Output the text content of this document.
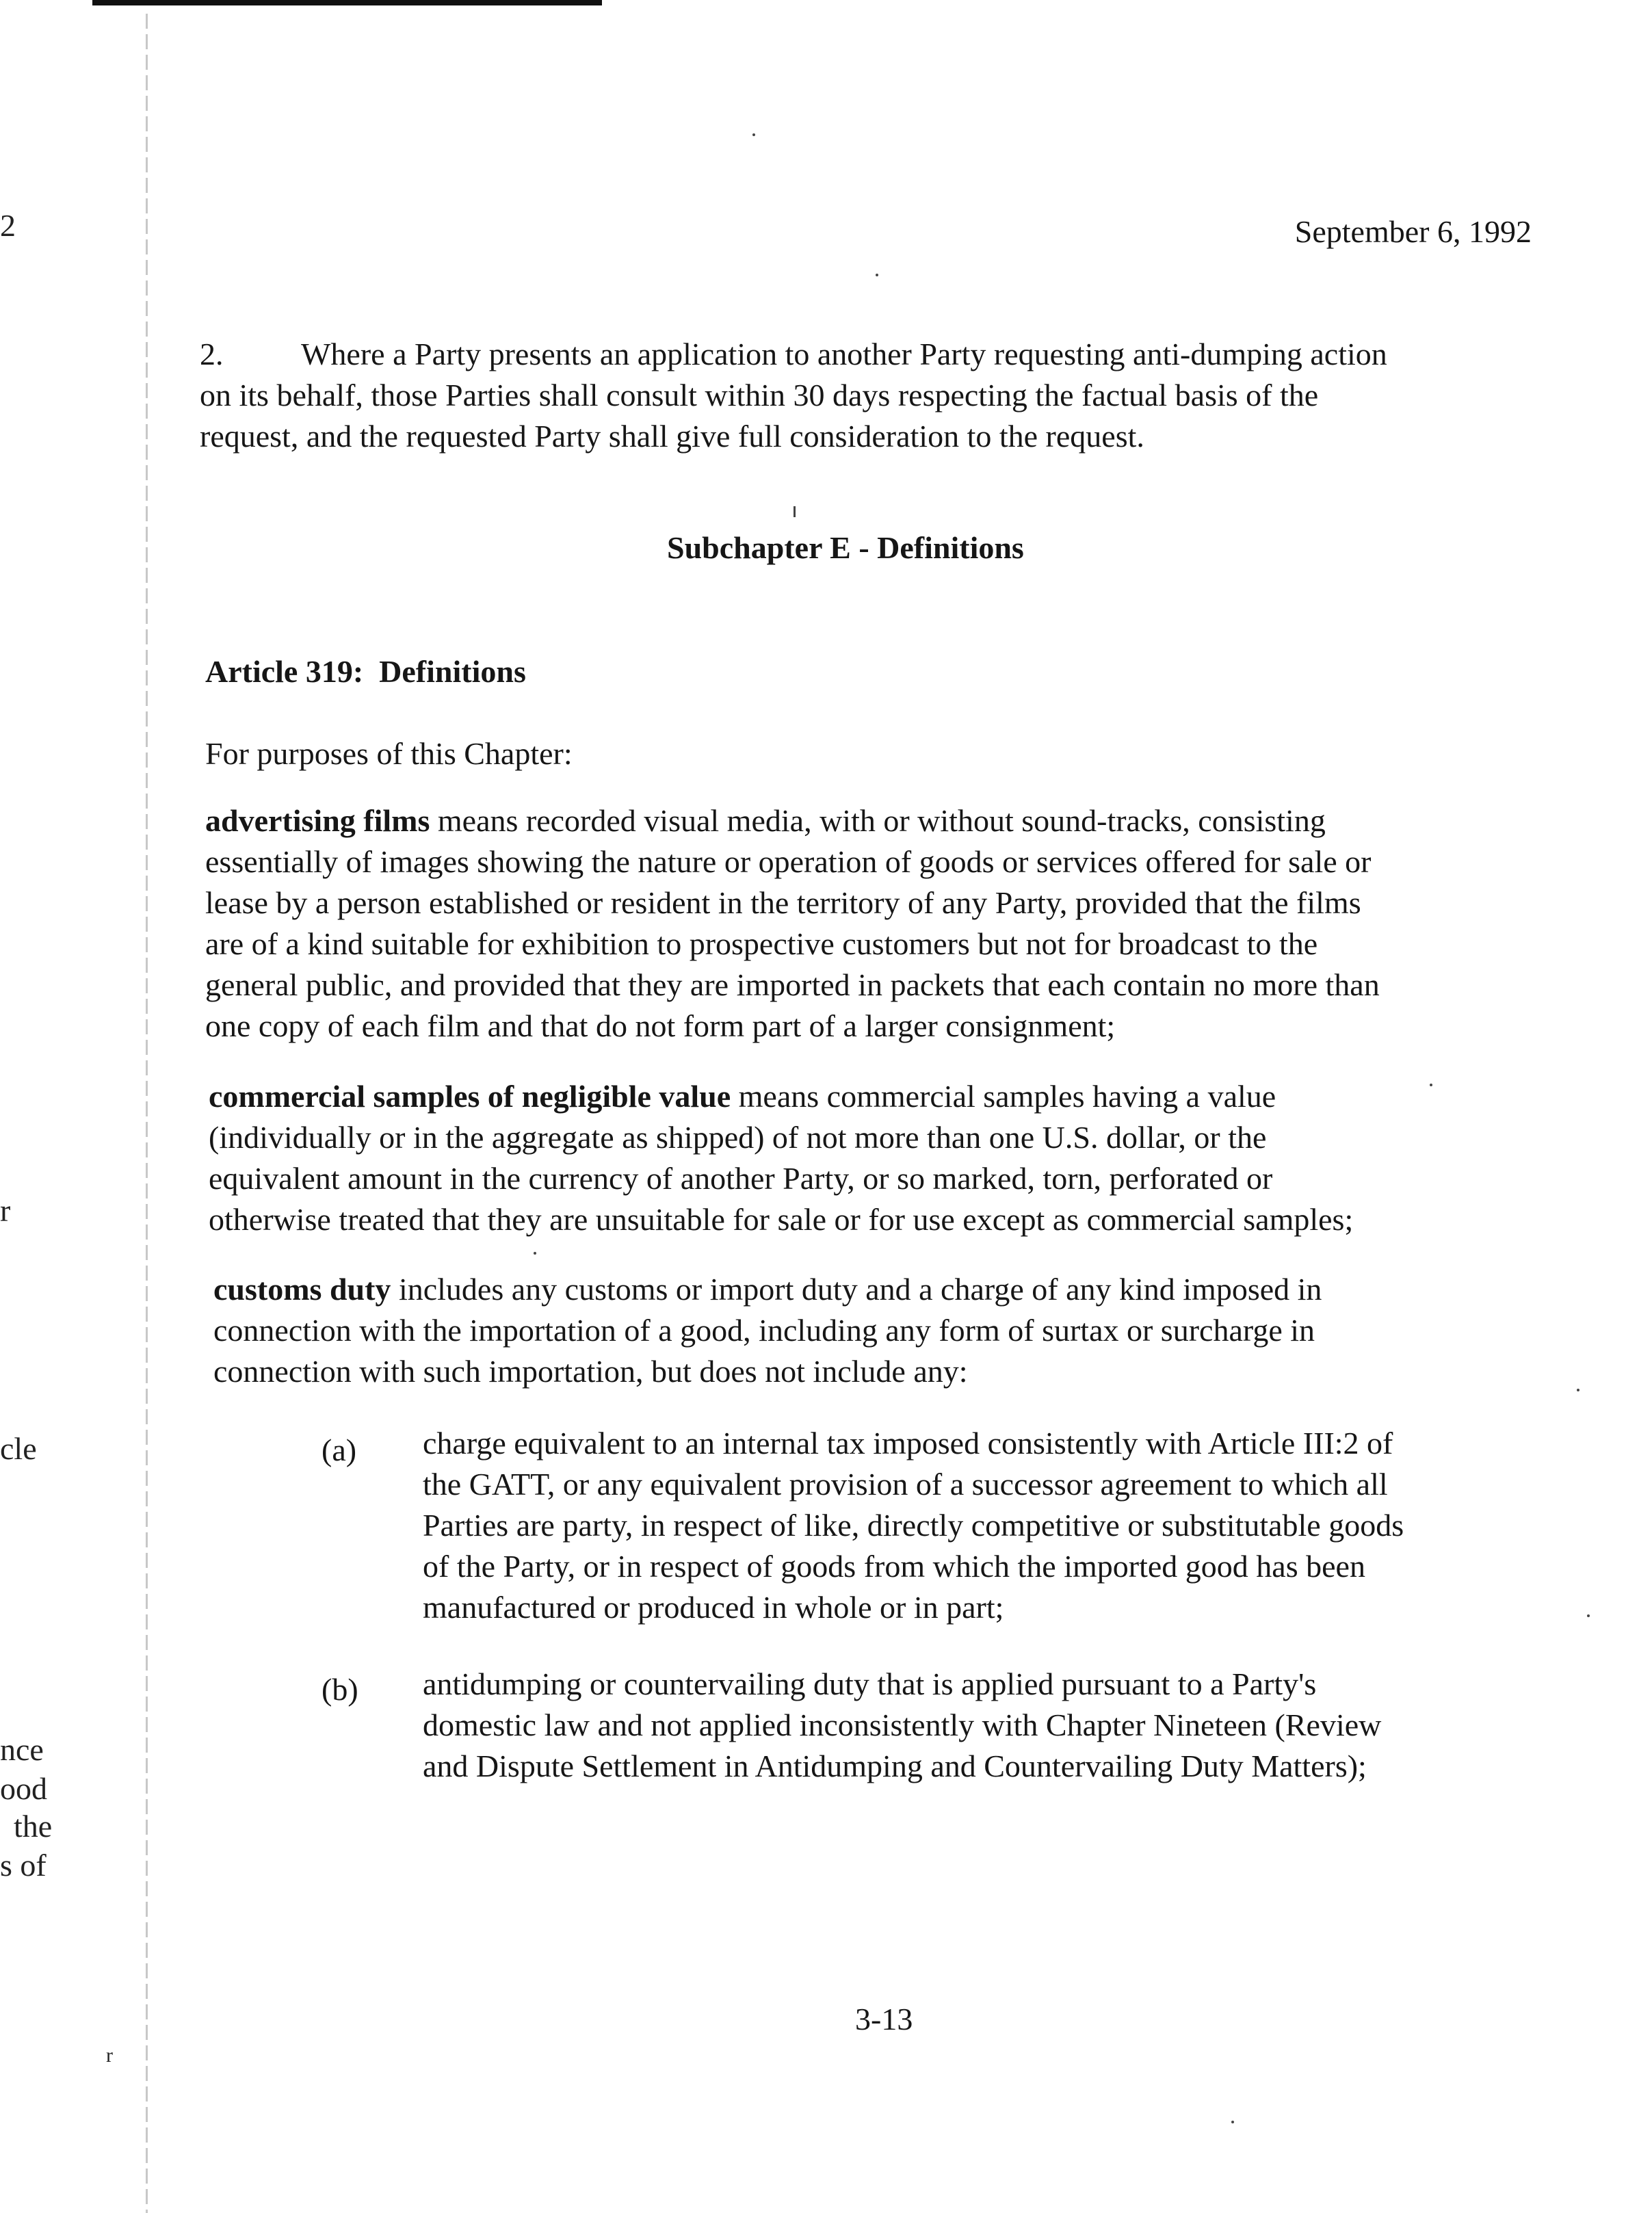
2
r
cle
nce
ood
the
s of
r
September 6, 1992

2. Where a Party presents an application to another Party requesting anti-dumping action

on its behalf, those Parties shall consult within 30 days respecting the factual basis of the

request, and the requested Party shall give full consideration to the request.

Subchapter E - Definitions
Article 319:  Definitions
For purposes of this Chapter:

advertising films means recorded visual media, with or without sound-tracks, consisting

essentially of images showing the nature or operation of goods or services offered for sale or

lease by a person established or resident in the territory of any Party, provided that the films

are of a kind suitable for exhibition to prospective customers but not for broadcast to the

general public, and provided that they are imported in packets that each contain no more than

one copy of each film and that do not form part of a larger consignment;

commercial samples of negligible value means commercial samples having a value

(individually or in the aggregate as shipped) of not more than one U.S. dollar, or the

equivalent amount in the currency of another Party, or so marked, torn, perforated or

otherwise treated that they are unsuitable for sale or for use except as commercial samples;

customs duty includes any customs or import duty and a charge of any kind imposed in

connection with the importation of a good, including any form of surtax or surcharge in

connection with such importation, but does not include any:

(a) charge equivalent to an internal tax imposed consistently with Article III:2 of
the GATT, or any equivalent provision of a successor agreement to which all
Parties are party, in respect of like, directly competitive or substitutable goods
of the Party, or in respect of goods from which the imported good has been
manufactured or produced in whole or in part;
(b) antidumping or countervailing duty that is applied pursuant to a Party's
domestic law and not applied inconsistently with Chapter Nineteen (Review
and Dispute Settlement in Antidumping and Countervailing Duty Matters);
3-13
